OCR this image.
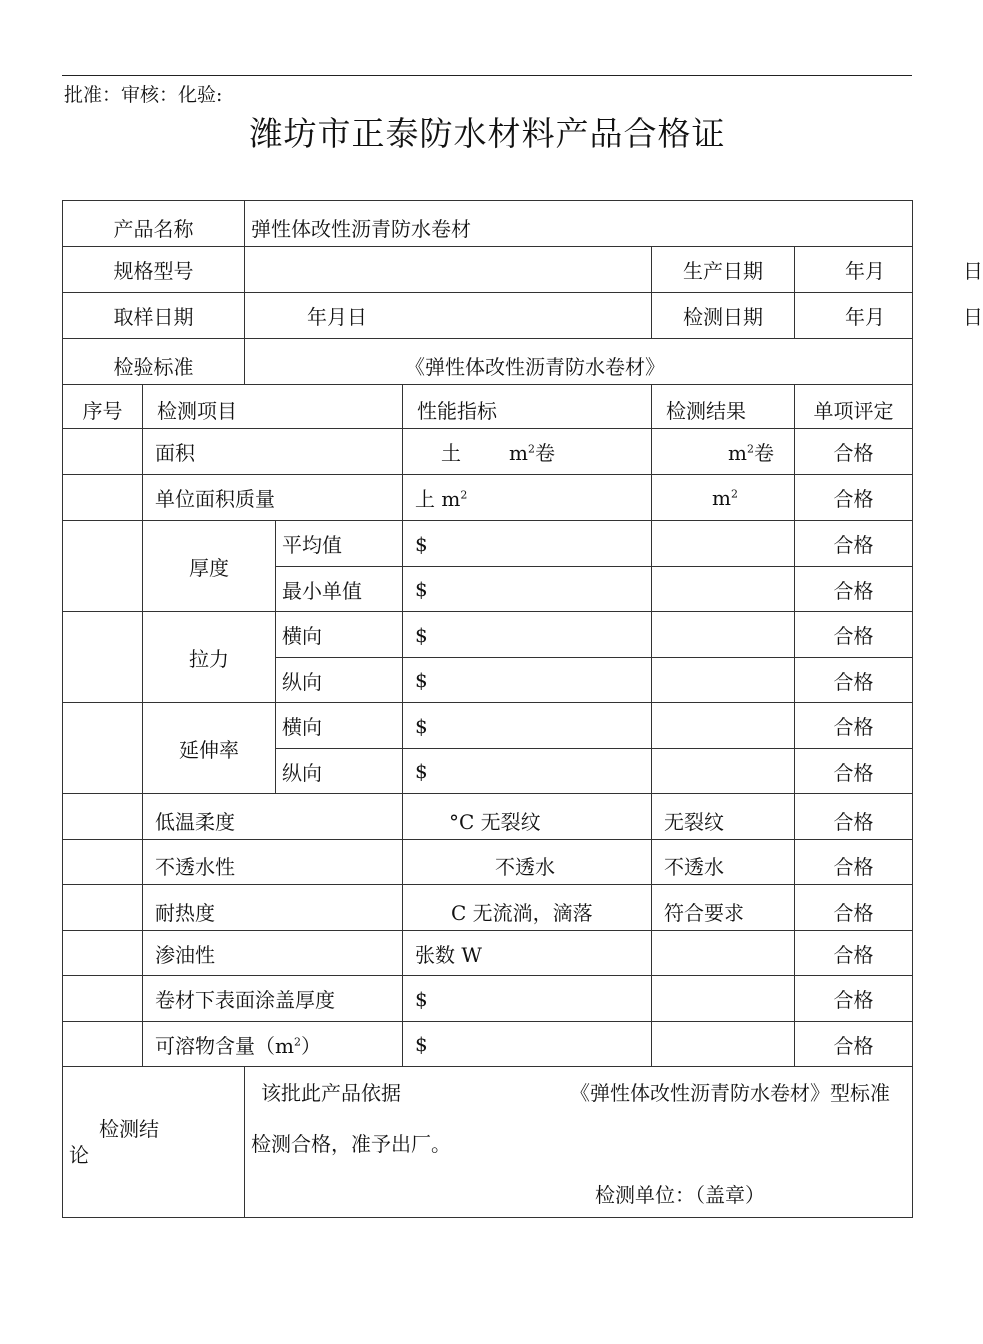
批准：审核：化验:
潍坊市正泰防水材料产品合格证
产品名称		弹性体改性沥青防水卷材				
规格型号					生产日期	年月 日
取样日期		年月日			检测日期	年月 日
检验标准		《弹性体改性沥青防水卷材》				
序号	检测项目			性能指标	检测结果	单项评定
	面积			土 $m^2$卷	$m^2$卷	合格
	单位面积质量			上 $m^2$	$m^2$	合格
	厚度		平均值	$		合格
			最小单值	$		合格
	拉力		横向	$		合格
			纵向	$		合格
	延伸率		横向	$		合格
			纵向	$		合格
	低温柔度			°C 无裂纹	无裂纹	合格
	不透水性			不透水	不透水	合格
	耐热度			C 无流淌，滴落	符合要求	合格
	渗油性			张数 W		合格
	卷材下表面涂盖厚度			$		合格
	可溶物含量$(m^2)$			$		合格

检测结
论		该批此产品依据 《弹性体改性沥青防水卷材》型标准
检测合格，准予出厂。
检测单位：（盖章）				
